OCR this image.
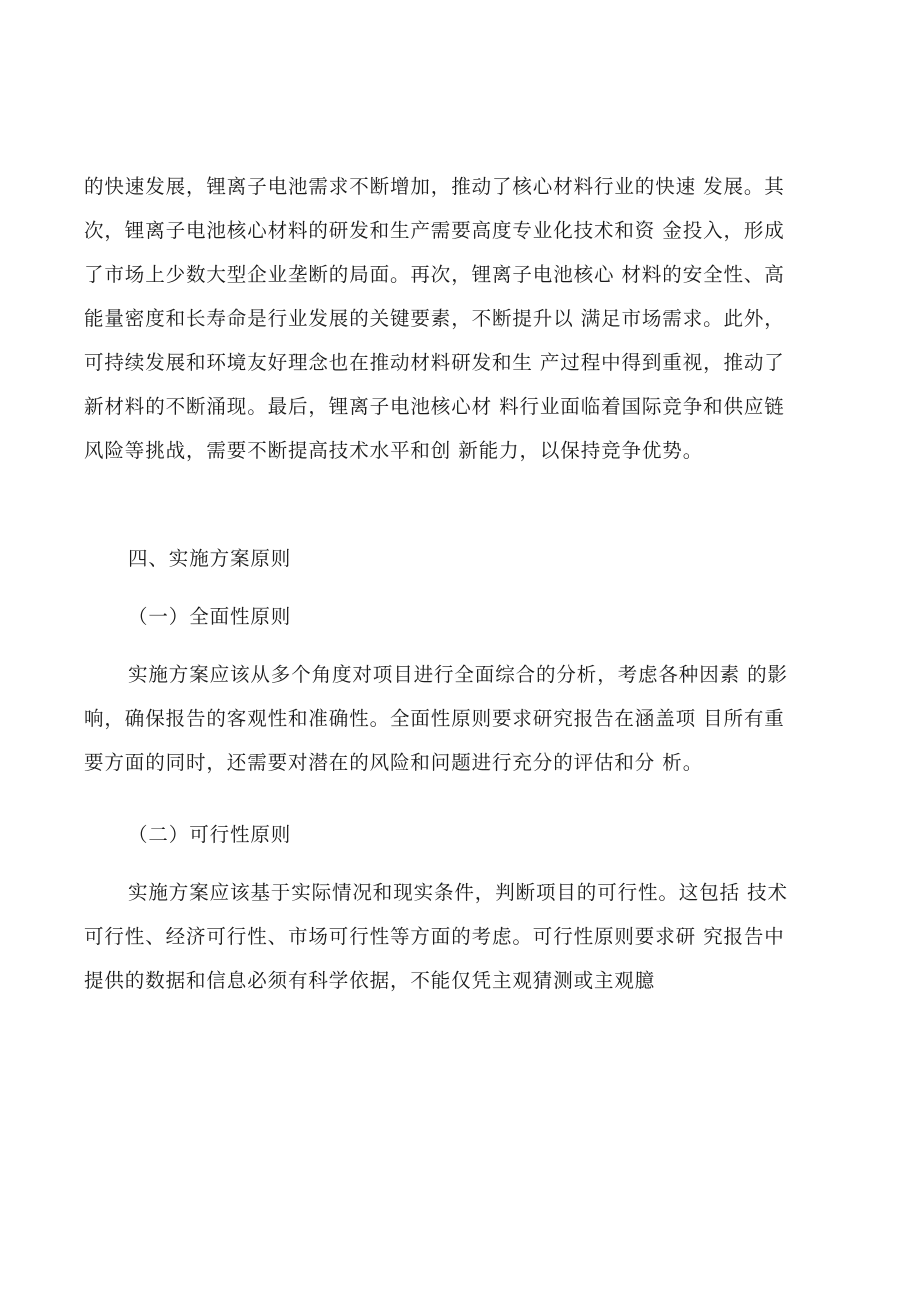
的快速发展，锂离子电池需求不断增加，推动了核心材料行业的快速 发展。其
次，锂离子电池核心材料的研发和生产需要高度专业化技术和资 金投入，形成
了市场上少数大型企业垄断的局面。再次，锂离子电池核心 材料的安全性、高
能量密度和长寿命是行业发展的关键要素，不断提升以 满足市场需求。此外，
可持续发展和环境友好理念也在推动材料研发和生 产过程中得到重视，推动了
新材料的不断涌现。最后，锂离子电池核心材 料行业面临着国际竞争和供应链
风险等挑战，需要不断提高技术水平和创 新能力，以保持竞争优势。
四、实施方案原则
（一）全面性原则
实施方案应该从多个角度对项目进行全面综合的分析，考虑各种因素 的影
响，确保报告的客观性和准确性。全面性原则要求研究报告在涵盖项 目所有重
要方面的同时，还需要对潜在的风险和问题进行充分的评估和分 析。
（二）可行性原则
实施方案应该基于实际情况和现实条件，判断项目的可行性。这包括 技术
可行性、经济可行性、市场可行性等方面的考虑。可行性原则要求研 究报告中
提供的数据和信息必须有科学依据，不能仅凭主观猜测或主观臆
